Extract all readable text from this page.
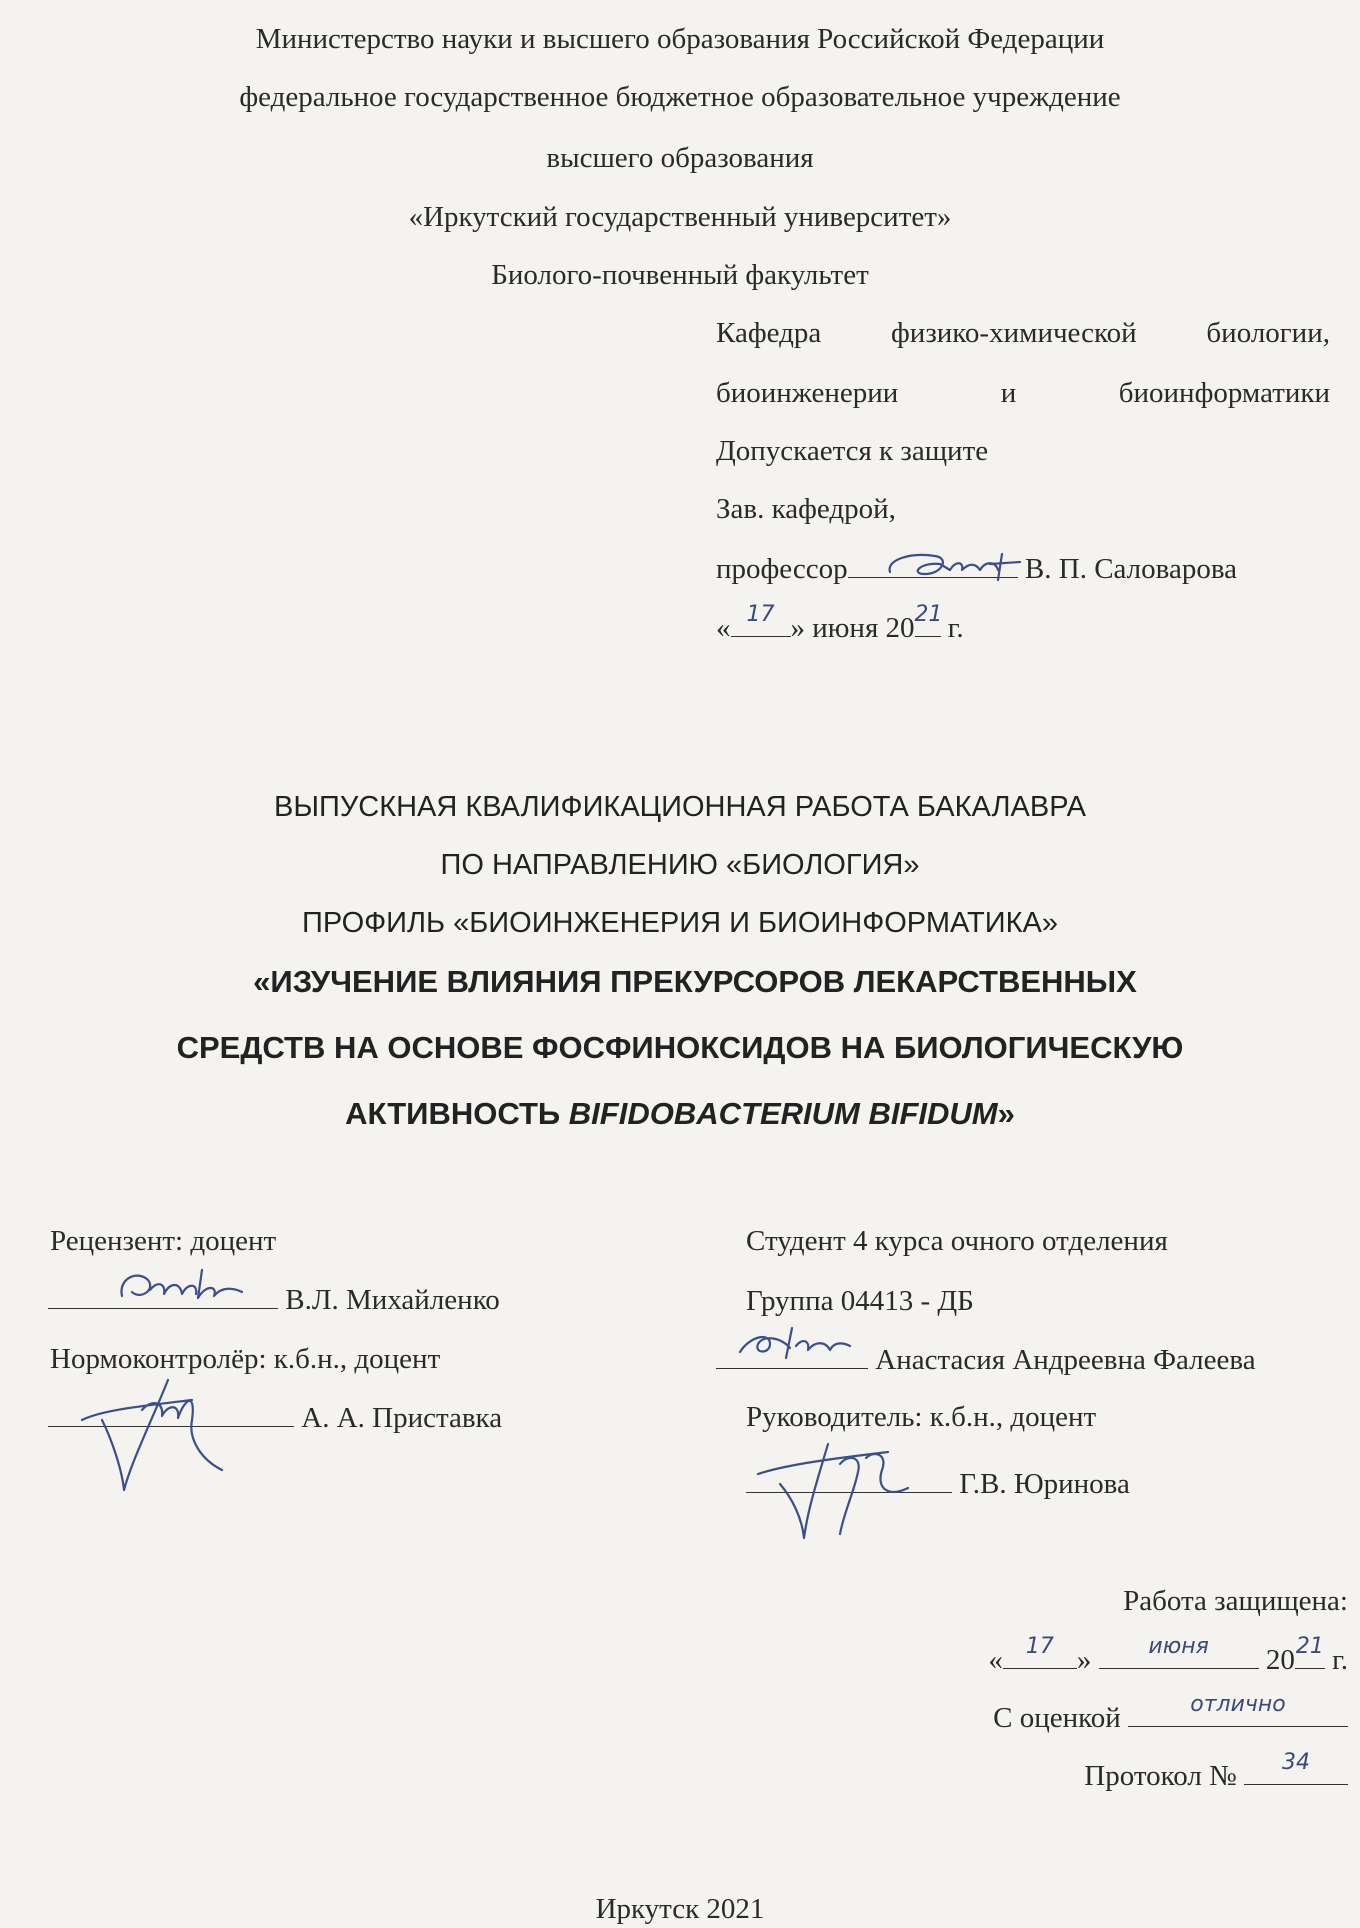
Министерство науки и высшего образования Российской Федерации
федеральное государственное бюджетное образовательное учреждение
высшего образования
«Иркутский государственный университет»
Биолого-почвенный факультет
Кафедра физико-химической биологии,
биоинженерии	и	биоинформатики
Допускается к защите
Зав. кафедрой,
профессор	В. П. Саловарова
« 17 » июня 20 21
г.
ВЫПУСКНАЯ КВАЛИФИКАЦИОННАЯ РАБОТА БАКАЛАВРА
ПО НАПРАВЛЕНИЮ «БИОЛОГИЯ»
ПРОФИЛЬ «БИОИНЖЕНЕРИЯ И БИОИНФОРМАТИКА»
«ИЗУЧЕНИЕ ВЛИЯНИЯ ПРЕКУРСОРОВ ЛЕКАРСТВЕННЫХ
СРЕДСТВ НА ОСНОВЕ ФОСФИНОКСИДОВ НА БИОЛОГИЧЕСКУЮ
АКТИВНОСТЬ BIFIDOBACTERIUM BIFIDUM»
Рецензент: доцент
В.Л. Михайленко
Нормоконтролёр: к.б.н., доцент
А. А. Приставка
Студент 4 курса очного отделения
Группа 04413 - ДБ
Анастасия Андреевна Фалеева
Руководитель: к.б.н., доцент
Г.В. Юринова
Работа защищена:
«	17 »	июня	20 21 г.
С оценкой	отлично
Протокол №	34
Иркутск 2021
